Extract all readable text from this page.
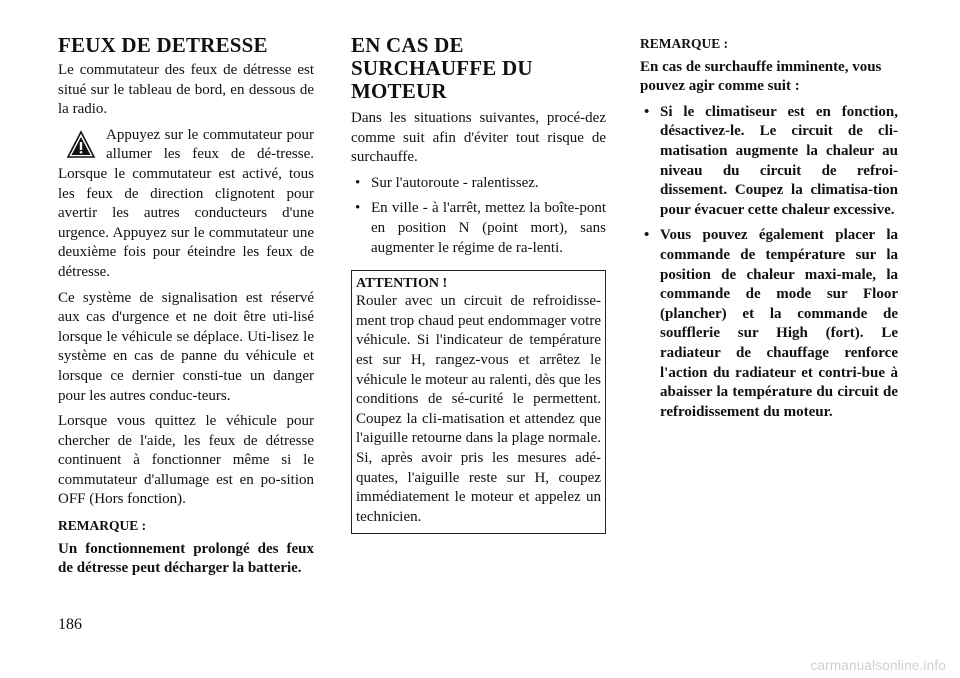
FEUX DE DETRESSE

Le commutateur des feux de détresse est situé sur le tableau de bord, en dessous de la radio.

Appuyez sur le commutateur pour allumer les feux de dé-tresse. Lorsque le commutateur est activé, tous les feux de direction clignotent pour avertir les autres conducteurs d'une urgence. Appuyez sur le commutateur une deuxième fois pour éteindre les feux de détresse.

Ce système de signalisation est réservé aux cas d'urgence et ne doit être uti-lisé lorsque le véhicule se déplace. Uti-lisez le système en cas de panne du véhicule et lorsque ce dernier consti-tue un danger pour les autres conduc-teurs.

Lorsque vous quittez le véhicule pour chercher de l'aide, les feux de détresse continuent à fonctionner même si le commutateur d'allumage est en po-sition OFF (Hors fonction).

REMARQUE :

Un fonctionnement prolongé des feux de détresse peut décharger la batterie.

EN CAS DE SURCHAUFFE DU MOTEUR

Dans les situations suivantes, procé-dez comme suit afin d'éviter tout risque de surchauffe.

• Sur l'autoroute - ralentissez.
• En ville - à l'arrêt, mettez la boîte-pont en position N (point mort), sans augmenter le régime de ra-lenti.
ATTENTION !

Rouler avec un circuit de refroidisse-ment trop chaud peut endommager votre véhicule. Si l'indicateur de température est sur H, rangez-vous et arrêtez le véhicule le moteur au ralenti, dès que les conditions de sé-curité le permettent. Coupez la cli-matisation et attendez que l'aiguille retourne dans la plage normale. Si, après avoir pris les mesures adé-quates, l'aiguille reste sur H, coupez immédiatement le moteur et appelez un technicien.

REMARQUE :

En cas de surchauffe imminente, vous pouvez agir comme suit :

• Si le climatiseur est en fonction, désactivez-le. Le circuit de cli-matisation augmente la chaleur au niveau du circuit de refroi-dissement. Coupez la climatisa-tion pour évacuer cette chaleur excessive.
• Vous pouvez également placer la commande de température sur la position de chaleur maxi-male, la commande de mode sur Floor (plancher) et la commande de soufflerie sur High (fort). Le radiateur de chauffage renforce l'action du radiateur et contri-bue à abaisser la température du circuit de refroidissement du moteur.
186
carmanualsonline.info
